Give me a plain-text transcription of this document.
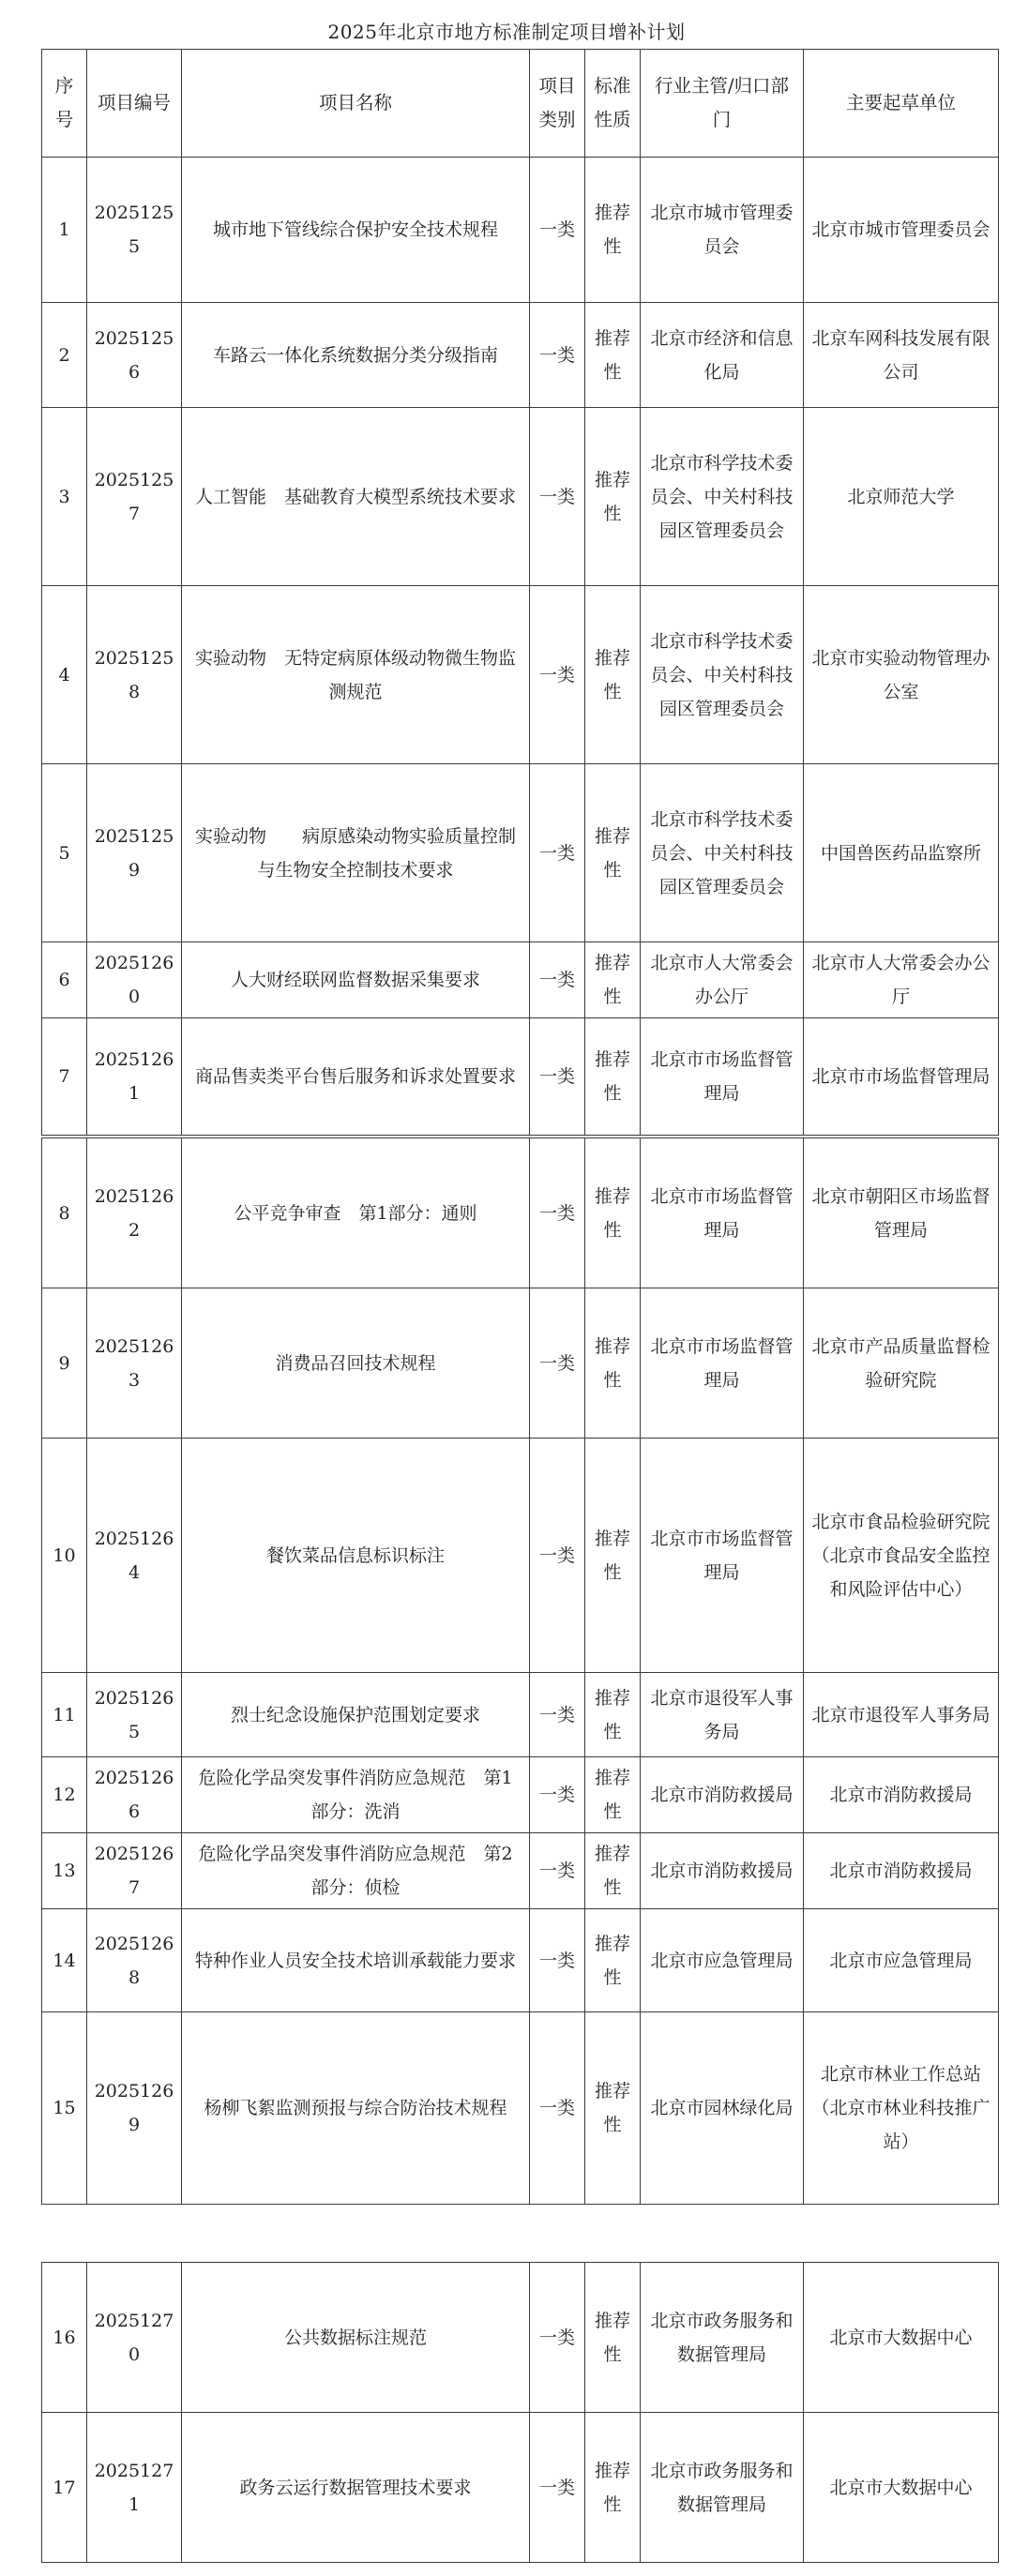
2025年北京市地方标准制定项目增补计划
序号	项目编号	项目名称	项目类别	标准性质	行业主管/归口部门	主要起草单位
1	20251255	城市地下管线综合保护安全技术规程	一类	推荐性	北京市城市管理委员会	北京市城市管理委员会
2	20251256	车路云一体化系统数据分类分级指南	一类	推荐性	北京市经济和信息化局	北京车网科技发展有限公司
3	20251257	人工智能　基础教育大模型系统技术要求	一类	推荐性	北京市科学技术委员会、中关村科技园区管理委员会	北京师范大学
4	20251258	实验动物　无特定病原体级动物微生物监测规范	一类	推荐性	北京市科学技术委员会、中关村科技园区管理委员会	北京市实验动物管理办公室
5	20251259	实验动物　　病原感染动物实验质量控制与生物安全控制技术要求	一类	推荐性	北京市科学技术委员会、中关村科技园区管理委员会	中国兽医药品监察所
6	20251260	人大财经联网监督数据采集要求	一类	推荐性	北京市人大常委会办公厅	北京市人大常委会办公厅
7	20251261	商品售卖类平台售后服务和诉求处置要求	一类	推荐性	北京市市场监督管理局	北京市市场监督管理局
8	20251262	公平竞争审查　第1部分：通则	一类	推荐性	北京市市场监督管理局	北京市朝阳区市场监督管理局
9	20251263	消费品召回技术规程	一类	推荐性	北京市市场监督管理局	北京市产品质量监督检验研究院
10	20251264	餐饮菜品信息标识标注	一类	推荐性	北京市市场监督管理局	北京市食品检验研究院（北京市食品安全监控和风险评估中心）
11	20251265	烈士纪念设施保护范围划定要求	一类	推荐性	北京市退役军人事务局	北京市退役军人事务局
12	20251266	危险化学品突发事件消防应急规范　第1部分：洗消	一类	推荐性	北京市消防救援局	北京市消防救援局
13	20251267	危险化学品突发事件消防应急规范　第2部分：侦检	一类	推荐性	北京市消防救援局	北京市消防救援局
14	20251268	特种作业人员安全技术培训承载能力要求	一类	推荐性	北京市应急管理局	北京市应急管理局
15	20251269	杨柳飞絮监测预报与综合防治技术规程	一类	推荐性	北京市园林绿化局	北京市林业工作总站（北京市林业科技推广站）
16	20251270	公共数据标注规范	一类	推荐性	北京市政务服务和数据管理局	北京市大数据中心
17	20251271	政务云运行数据管理技术要求	一类	推荐性	北京市政务服务和数据管理局	北京市大数据中心
